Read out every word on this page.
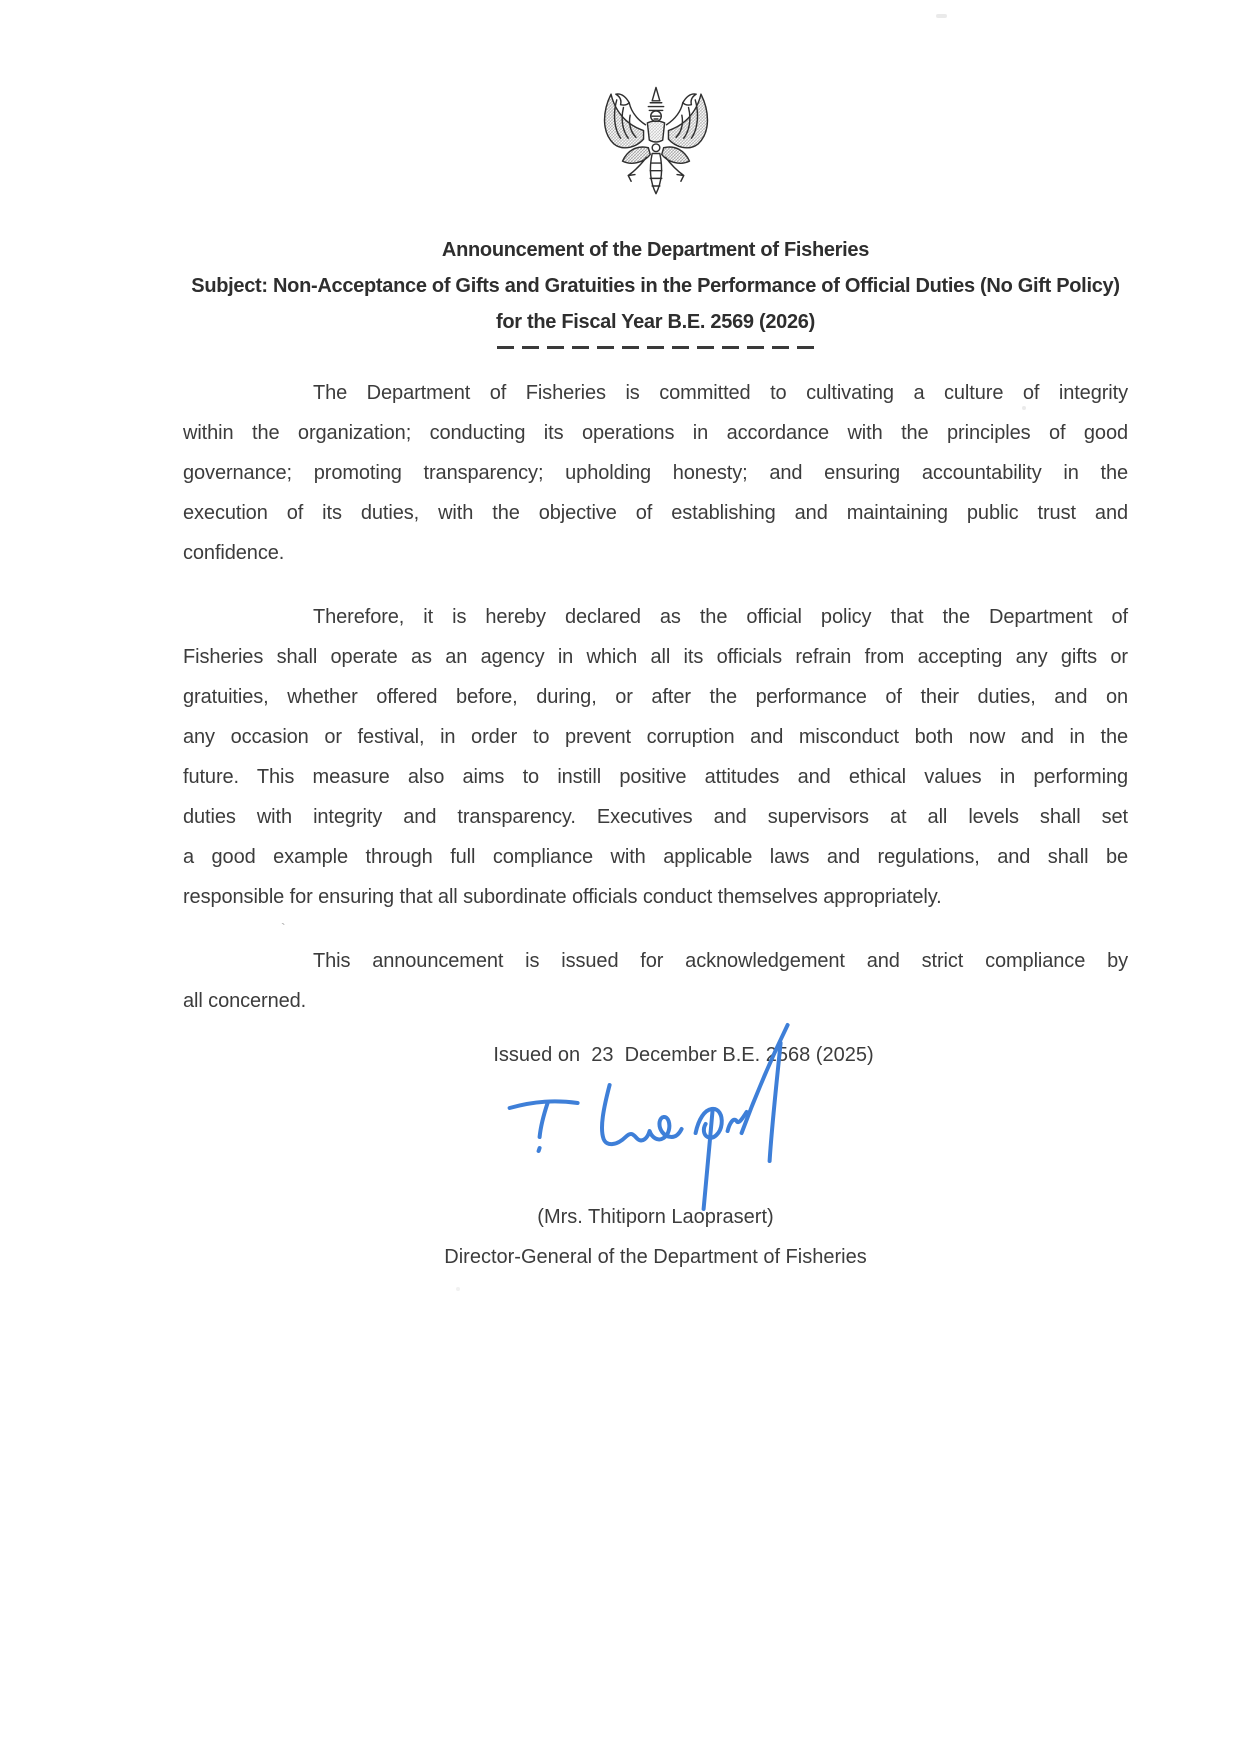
Announcement of the Department of Fisheries
Subject: Non-Acceptance of Gifts and Gratuities in the Performance of Official Duties (No Gift Policy)
for the Fiscal Year B.E. 2569 (2026)
The Department of Fisheries is committed to cultivating a culture of integrity
within the organization; conducting its operations in accordance with the principles of good
governance; promoting transparency; upholding honesty; and ensuring accountability in the
execution of its duties, with the objective of establishing and maintaining public trust and
confidence.
Therefore, it is hereby declared as the official policy that the Department of
Fisheries shall operate as an agency in which all its officials refrain from accepting any gifts or
gratuities, whether offered before, during, or after the performance of their duties, and on
any occasion or festival, in order to prevent corruption and misconduct both now and in the
future. This measure also aims to instill positive attitudes and ethical values in performing
duties with integrity and transparency. Executives and supervisors at all levels shall set
a good example through full compliance with applicable laws and regulations, and shall be
responsible for ensuring that all subordinate officials conduct themselves appropriately.
This announcement is issued for acknowledgement and strict compliance by
all concerned.
Issued on  23  December B.E. 2568 (2025)
(Mrs. Thitiporn Laoprasert)
Director-General of the Department of Fisheries
`
